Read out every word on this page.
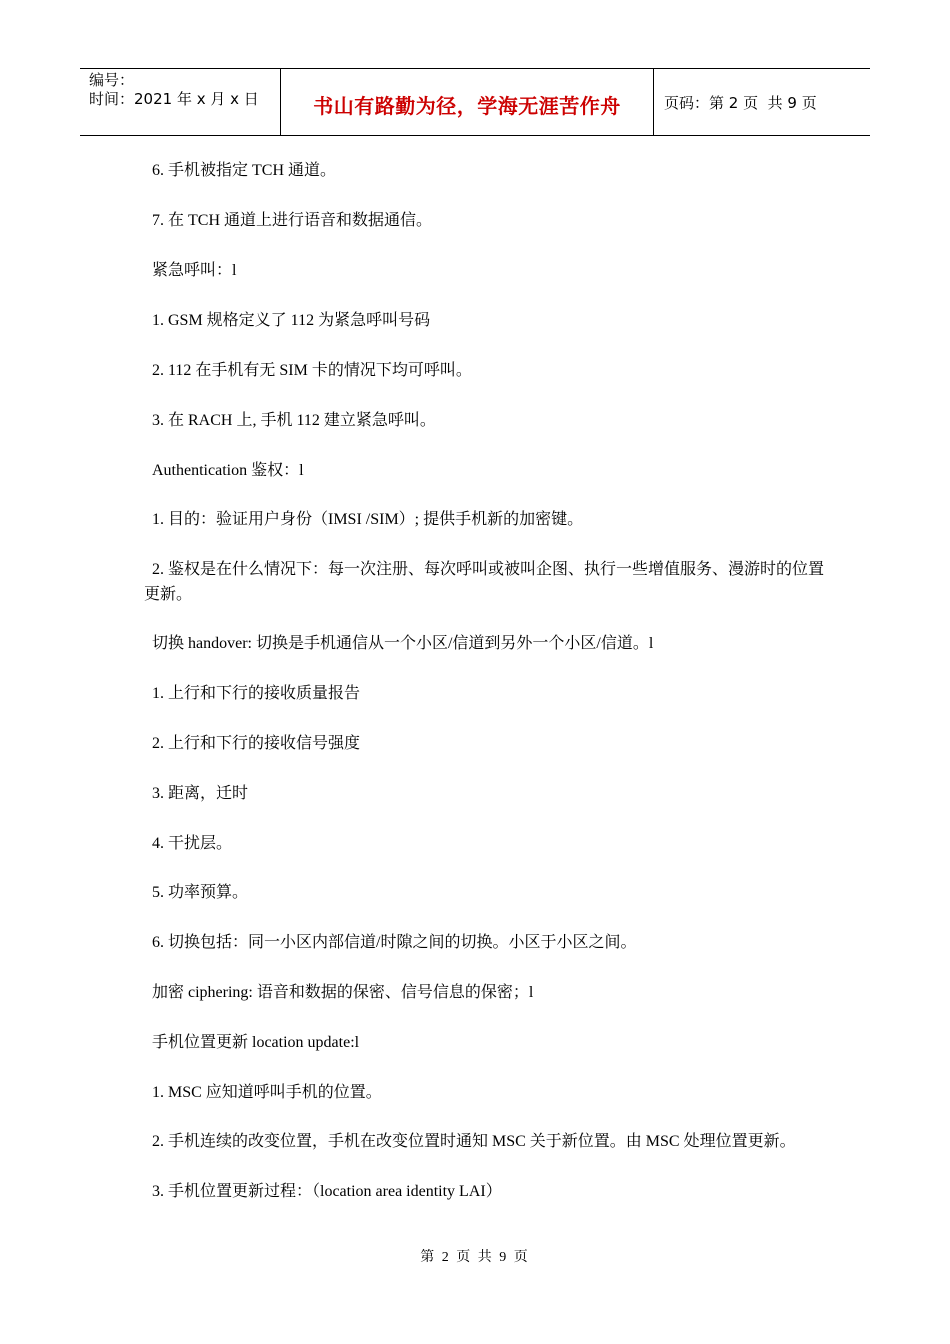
编号：
时间：2021 年 x 月 x 日	书山有路勤为径，学海无涯苦作舟	页码：第 2 页  共 9 页
6. 手机被指定 TCH 通道。
7. 在 TCH 通道上进行语音和数据通信。
紧急呼叫：l
1. GSM 规格定义了 112 为紧急呼叫号码
2. 112 在手机有无 SIM 卡的情况下均可呼叫。
3. 在 RACH 上, 手机 112 建立紧急呼叫。
Authentication 鉴权：l
1. 目的：验证用户身份（IMSI /SIM）; 提供手机新的加密键。
2. 鉴权是在什么情况下：每一次注册、每次呼叫或被叫企图、执行一些增值服务、漫游时的位置更新。
切换 handover: 切换是手机通信从一个小区/信道到另外一个小区/信道。l
1. 上行和下行的接收质量报告
2. 上行和下行的接收信号强度
3. 距离，迁时
4. 干扰层。
5. 功率预算。
6. 切换包括：同一小区内部信道/时隙之间的切换。小区于小区之间。
加密 ciphering: 语音和数据的保密、信号信息的保密；l
手机位置更新 location update:l
1. MSC 应知道呼叫手机的位置。
2. 手机连续的改变位置，手机在改变位置时通知 MSC 关于新位置。由 MSC 处理位置更新。
3. 手机位置更新过程：（location area identity LAI）
第 2 页 共 9 页
